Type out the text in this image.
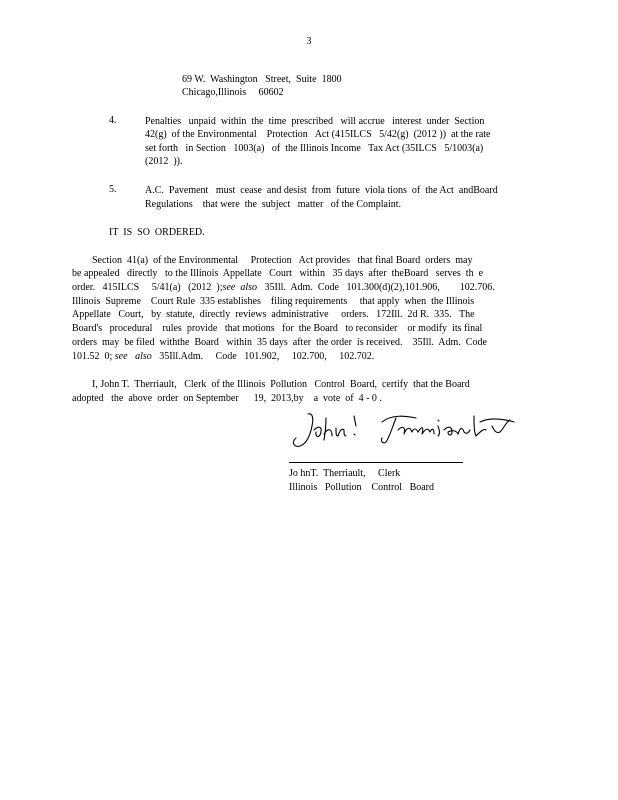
3
69 W.  Washington   Street,  Suite  1800
Chicago,Illinois     60602
4.	Penalties   unpaid  within  the  time  prescribed   will accrue   interest  under  Section
42(g)  of the Environmental    Protection   Act (415ILCS   5/42(g)  (2012 ))  at the rate
set forth   in Section   1003(a)   of  the Illinois Income   Tax Act (35ILCS   5/1003(a)
(2012  )).
5.	A.C.  Pavement   must  cease  and desist  from  future  viola tions  of  the Act  andBoard
Regulations    that were  the  subject   matter   of the Complaint.
IT  IS  SO  ORDERED.
Section  41(a)  of the Environmental     Protection   Act provides   that final Board  orders  may
be appealed   directly   to the Illinois  Appellate   Court   within   35 days  after  theBoard   serves  th  e
order.   415ILCS     5/41(a)   (2012  );see also 35Ill.  Adm.  Code   101.300(d)(2),101.906,        102.706.
Illinois  Supreme    Court Rule  335 establishes    filing requirements     that apply  when  the Illinois
Appellate   Court,   by  statute,  directly  reviews  administrative     orders.   172Ill.  2d R.  335.   The
Board's   procedural    rules  provide   that motions   for  the Board   to reconsider    or modify  its final
orders  may  be filed  withthe  Board   within  35 days  after  the order  is received.    35Ill.  Adm.  Code
101.52  0; see also 35Ill.Adm.     Code   101.902,     102.700,     102.702.
I, John T.  Therriault,   Clerk  of the Illinois  Pollution   Control  Board,  certify  that the Board
adopted   the  above  order  on September      19,  2013,by    a  vote  of  4 - 0 .
Jo hnT.  Therriault,     Clerk
Illinois   Pollution    Control   Board
